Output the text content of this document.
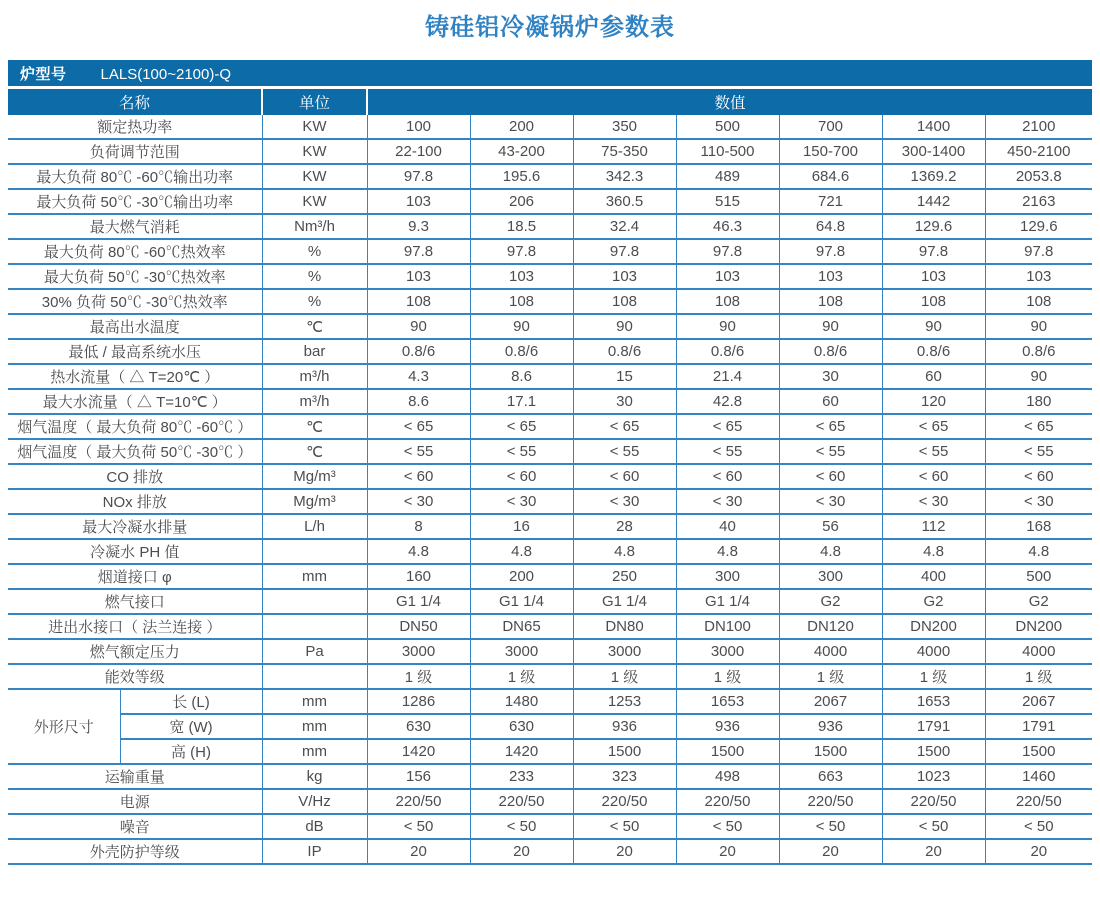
铸硅铝冷凝锅炉参数表
炉型号 LALS(100~2100)-Q									
名称		单位	数值						
额定热功率		KW	100	200	350	500	700	1400	2100
负荷调节范围		KW	22-100	43-200	75-350	110-500	150-700	300-1400	450-2100
最大负荷 80℃ -60℃输出功率		KW	97.8	195.6	342.3	489	684.6	1369.2	2053.8
最大负荷 50℃ -30℃输出功率		KW	103	206	360.5	515	721	1442	2163
最大燃气消耗		Nm³/h	9.3	18.5	32.4	46.3	64.8	129.6	129.6
最大负荷 80℃ -60℃热效率		%	97.8	97.8	97.8	97.8	97.8	97.8	97.8
最大负荷 50℃ -30℃热效率		%	103	103	103	103	103	103	103
30% 负荷 50℃ -30℃热效率		%	108	108	108	108	108	108	108
最高出水温度		℃	90	90	90	90	90	90	90
最低 / 最高系统水压		bar	0.8/6	0.8/6	0.8/6	0.8/6	0.8/6	0.8/6	0.8/6
热水流量（ △ T=20℃ ）		m³/h	4.3	8.6	15	21.4	30	60	90
最大水流量（ △ T=10℃ ）		m³/h	8.6	17.1	30	42.8	60	120	180
烟气温度（ 最大负荷 80℃ -60℃ ）		℃	< 65	< 65	< 65	< 65	< 65	< 65	< 65
烟气温度（ 最大负荷 50℃ -30℃ ）		℃	< 55	< 55	< 55	< 55	< 55	< 55	< 55
CO 排放		Mg/m³	< 60	< 60	< 60	< 60	< 60	< 60	< 60
NOx 排放		Mg/m³	< 30	< 30	< 30	< 30	< 30	< 30	< 30
最大冷凝水排量		L/h	8	16	28	40	56	112	168
冷凝水 PH 值			4.8	4.8	4.8	4.8	4.8	4.8	4.8
烟道接口 φ		mm	160	200	250	300	300	400	500
燃气接口			G1 1/4	G1 1/4	G1 1/4	G1 1/4	G2	G2	G2
进出水接口（ 法兰连接 ）			DN50	DN65	DN80	DN100	DN120	DN200	DN200
燃气额定压力		Pa	3000	3000	3000	3000	4000	4000	4000
能效等级			1 级	1 级	1 级	1 级	1 级	1 级	1 级
外形尺寸	长 (L)	mm	1286	1480	1253	1653	2067	1653	2067
	宽 (W)	mm	630	630	936	936	936	1791	1791
	高 (H)	mm	1420	1420	1500	1500	1500	1500	1500
运输重量		kg	156	233	323	498	663	1023	1460
电源		V/Hz	220/50	220/50	220/50	220/50	220/50	220/50	220/50
噪音		dB	< 50	< 50	< 50	< 50	< 50	< 50	< 50
外壳防护等级		IP	20	20	20	20	20	20	20
